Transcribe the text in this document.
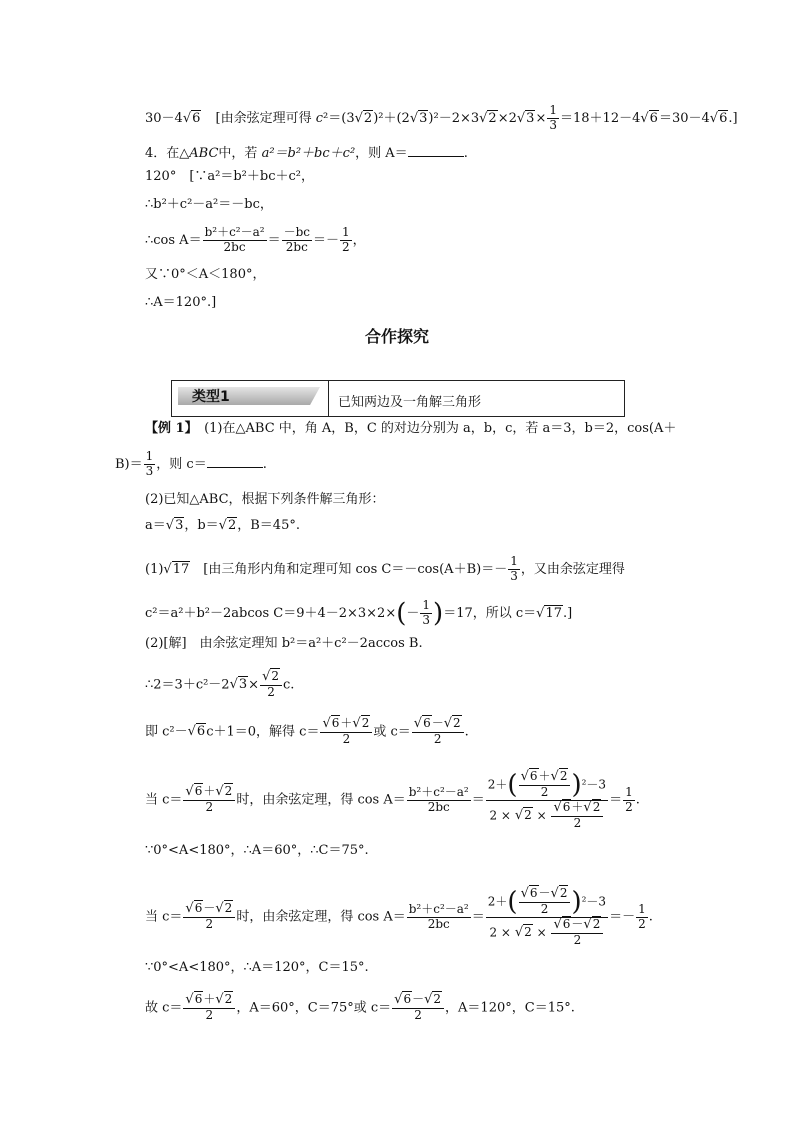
30－4√6 [由余弦定理可得 $c^2=(3√2)^2+(2√3)^2-2\times 3√2\times 2√3\times \frac{1}{3} =18+12-4√6=30-4√6$.]
4．在△ABC中，若 a²＝b²＋bc＋c²，则 A＝	.
120°　[∵a²＝b²＋bc＋c²，
∴b²＋c²－a²＝－bc，
∴cos $A= \frac{\text{b²＋c²－a²}}{2bc} = \frac{-bc}{2bc} =- \frac{1}{2}$ ，
又∵0°＜A＜180°，
∴A＝120°.]
合作探究
类型1	已知两边及一角解三角形
【例 1】　 (1)在△ABC 中，角 A，B，C 的对边分别为 a，b，c，若 a＝3，b＝2，cos(A＋
$B)= \frac{1}{3}$ ，则 c＝	.
(2)已知△ABC，根据下列条件解三角形：
a＝√3，b＝√2，B＝45°.
(1)√17　[由三角形内角和定理可知 $\cos C=-\cos(A+B)=- \frac{1}{3}$ ，又由余弦定理得
c²＝a²＋b²－2abcos $C=9+4-2\times 3\times 2\times(- \frac{1}{3} )=17$，所以 c＝√17.]
(2)[解]　由余弦定理知 b²＝a²＋c²－2accos B.
∴2＝3＋c²－2√3× $\frac{√2}{2} c$.
即 c²－√6c＋1＝0，解得 $c= \frac{√6+√2}{2}$ 或 $c= \frac{√6-√2}{2}$ .
当 $c= \frac{√6+√2}{2}$ 时，由余弦定理，得 $\cos A= \frac{\text{b²＋c²－a²}}{2bc} = \frac{2+( \frac{√6+√2}{2} )^2-3}{2 \times √2 \times \frac{√6+√2}{2}} = \frac{1}{2}$ .
∵0°<A<180°，∴A＝60°，∴C＝75°.
当 $c= \frac{√6-√2}{2}$ 时，由余弦定理，得 $\cos A= \frac{\text{b²＋c²－a²}}{2bc} = \frac{2+( \frac{√6-√2}{2} )^2-3}{2 \times √2 \times \frac{√6-√2}{2}} =- \frac{1}{2}$ .
∵0°<A<180°，∴A＝120°，C＝15°.
故 $c= \frac{√6+√2}{2}$ ，A＝60°，C＝75°或 $c= \frac{√6-√2}{2}$ ，A＝120°，C＝15°.
